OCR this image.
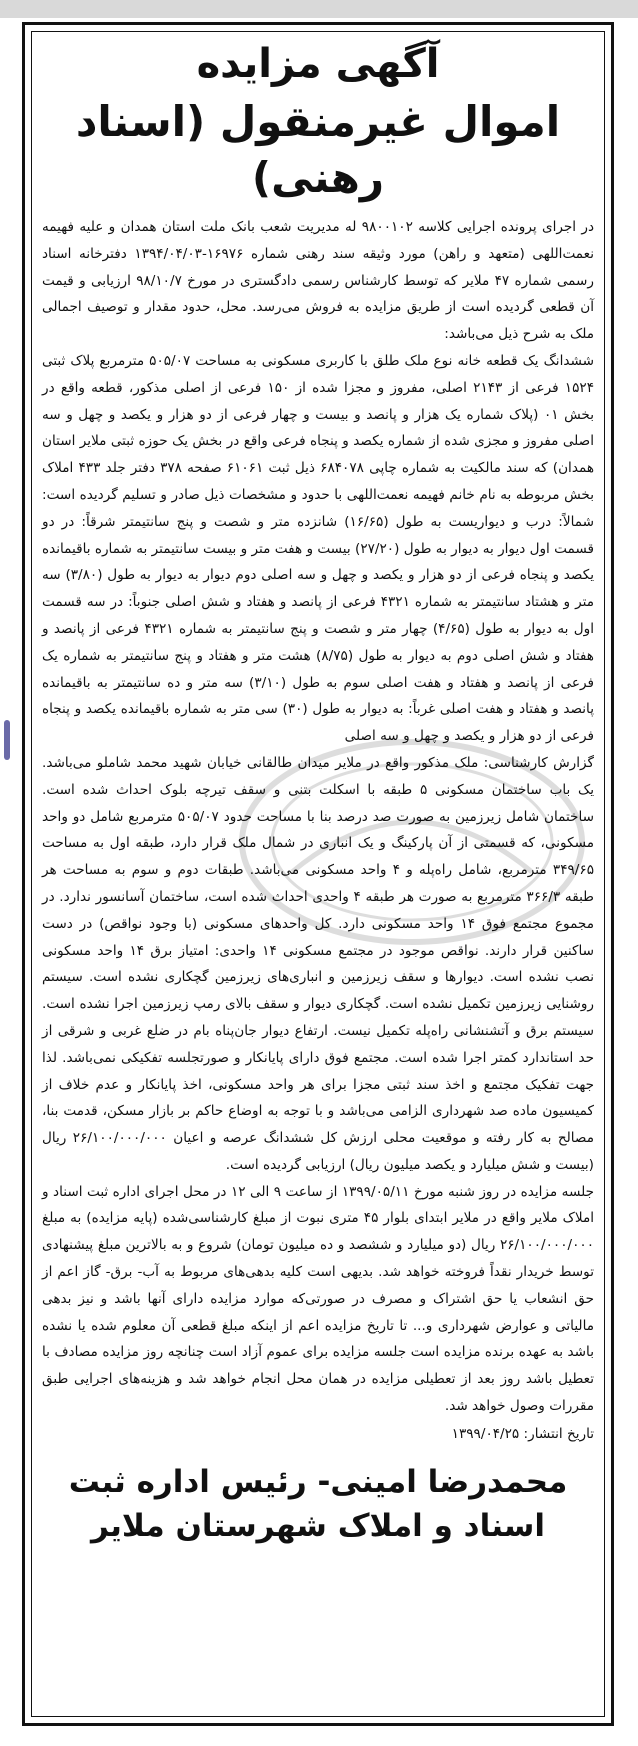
آگهی مزایده
اموال غیرمنقول (اسناد رهنی)

در اجرای پرونده اجرایی کلاسه ۹۸۰۰۱۰۲ له مدیریت شعب بانک ملت استان همدان و علیه فهیمه نعمت‌اللهی (متعهد و راهن) مورد وثیقه سند رهنی شماره ۱۶۹۷۶-۱۳۹۴/۰۴/۰۳ دفترخانه اسناد رسمی شماره ۴۷ ملایر که توسط کارشناس رسمی دادگستری در مورخ ۹۸/۱۰/۷ ارزیابی و قیمت آن قطعی گردیده است از طریق مزایده به فروش می‌رسد. محل، حدود مقدار و توصیف اجمالی ملک به شرح ذیل می‌باشد:

ششدانگ یک قطعه خانه نوع ملک طلق با کاربری مسکونی به مساحت ۵۰۵/۰۷ مترمربع پلاک ثبتی ۱۵۲۴ فرعی از ۲۱۴۳ اصلی، مفروز و مجزا شده از ۱۵۰ فرعی از اصلی مذکور، قطعه واقع در بخش ۰۱ (پلاک شماره یک هزار و پانصد و بیست و چهار فرعی از دو هزار و یکصد و چهل و سه اصلی مفروز و مجزی شده از شماره یکصد و پنجاه فرعی واقع در بخش یک حوزه ثبتی ملایر استان همدان) که سند مالکیت به شماره چاپی ۶۸۴۰۷۸ ذیل ثبت ۶۱۰۶۱ صفحه ۳۷۸ دفتر جلد ۴۳۳ املاک بخش مربوطه به نام خانم فهیمه نعمت‌اللهی با حدود و مشخصات ذیل صادر و تسلیم گردیده است: شمالاً: درب و دیواریست به طول (۱۶/۶۵) شانزده متر و شصت و پنج سانتیمتر شرقاً: در دو قسمت اول دیوار به دیوار به طول (۲۷/۲۰) بیست و هفت متر و بیست سانتیمتر به شماره باقیمانده یکصد و پنجاه فرعی از دو هزار و یکصد و چهل و سه اصلی دوم دیوار به دیوار به طول (۳/۸۰) سه متر و هشتاد سانتیمتر به شماره ۴۳۲۱ فرعی از پانصد و هفتاد و شش اصلی جنوباً: در سه قسمت اول به دیوار به طول (۴/۶۵) چهار متر و شصت و پنج سانتیمتر به شماره ۴۳۲۱ فرعی از پانصد و هفتاد و شش اصلی دوم به دیوار به طول (۸/۷۵) هشت متر و هفتاد و پنج سانتیمتر به شماره یک فرعی از پانصد و هفتاد و هفت اصلی سوم به طول (۳/۱۰) سه متر و ده سانتیمتر به باقیمانده پانصد و هفتاد و هفت اصلی غرباً: به دیوار به طول (۳۰) سی متر به شماره باقیمانده یکصد و پنجاه فرعی از دو هزار و یکصد و چهل و سه اصلی

گزارش کارشناسی: ملک مذکور واقع در ملایر میدان طالقانی خیابان شهید محمد شاملو می‌باشد. یک باب ساختمان مسکونی ۵ طبقه با اسکلت بتنی و سقف تیرچه بلوک احداث شده است. ساختمان شامل زیرزمین به صورت صد درصد بنا با مساحت حدود ۵۰۵/۰۷ مترمربع شامل دو واحد مسکونی، که قسمتی از آن پارکینگ و یک انباری در شمال ملک قرار دارد، طبقه اول به مساحت ۳۴۹/۶۵ مترمربع، شامل راه‌پله و ۴ واحد مسکونی می‌باشد. طبقات دوم و سوم به مساحت هر طبقه ۳۶۶/۳ مترمربع به صورت هر طبقه ۴ واحدی احداث شده است، ساختمان آسانسور ندارد. در مجموع مجتمع فوق ۱۴ واحد مسکونی دارد. کل واحدهای مسکونی (با وجود نواقص) در دست ساکنین قرار دارند. نواقص موجود در مجتمع مسکونی ۱۴ واحدی: امتیاز برق ۱۴ واحد مسکونی نصب نشده است. دیوارها و سقف زیرزمین و انباری‌های زیرزمین گچکاری نشده است. سیستم روشنایی زیرزمین تکمیل نشده است. گچکاری دیوار و سقف بالای رمپ زیرزمین اجرا نشده است. سیستم برق و آتشنشانی راه‌پله تکمیل نیست. ارتفاع دیوار جان‌پناه بام در ضلع غربی و شرقی از حد استاندارد کمتر اجرا شده است. مجتمع فوق دارای پایانکار و صورتجلسه تفکیکی نمی‌باشد. لذا جهت تفکیک مجتمع و اخذ سند ثبتی مجزا برای هر واحد مسکونی، اخذ پایانکار و عدم خلاف از کمیسیون ماده صد شهرداری الزامی می‌باشد و با توجه به اوضاع حاکم بر بازار مسکن، قدمت بنا، مصالح به کار رفته و موقعیت محلی ارزش کل ششدانگ عرصه و اعیان ۲۶/۱۰۰/۰۰۰/۰۰۰ ریال (بیست و شش میلیارد و یکصد میلیون ریال) ارزیابی گردیده است.

جلسه مزایده در روز شنبه مورخ ۱۳۹۹/۰۵/۱۱ از ساعت ۹ الی ۱۲ در محل اجرای اداره ثبت اسناد و املاک ملایر واقع در ملایر ابتدای بلوار ۴۵ متری نبوت از مبلغ کارشناسی‌شده (پایه مزایده) به مبلغ ۲۶/۱۰۰/۰۰۰/۰۰۰ ریال (دو میلیارد و ششصد و ده میلیون تومان) شروع و به بالاترین مبلغ پیشنهادی توسط خریدار نقداً فروخته خواهد شد. بدیهی است کلیه بدهی‌های مربوط به آب- برق- گاز اعم از حق انشعاب یا حق اشتراک و مصرف در صورتی‌که موارد مزایده دارای آنها باشد و نیز بدهی مالیاتی و عوارض شهرداری و... تا تاریخ مزایده اعم از اینکه مبلغ قطعی آن معلوم شده یا نشده باشد به عهده برنده مزایده است جلسه مزایده برای عموم آزاد است چنانچه روز مزایده مصادف با تعطیل باشد روز بعد از تعطیلی مزایده در همان محل انجام خواهد شد و هزینه‌های اجرایی طبق مقررات وصول خواهد شد.

تاریخ انتشار: ۱۳۹۹/۰۴/۲۵
محمدرضا امینی- رئیس اداره ثبت
اسناد و املاک شهرستان ملایر
